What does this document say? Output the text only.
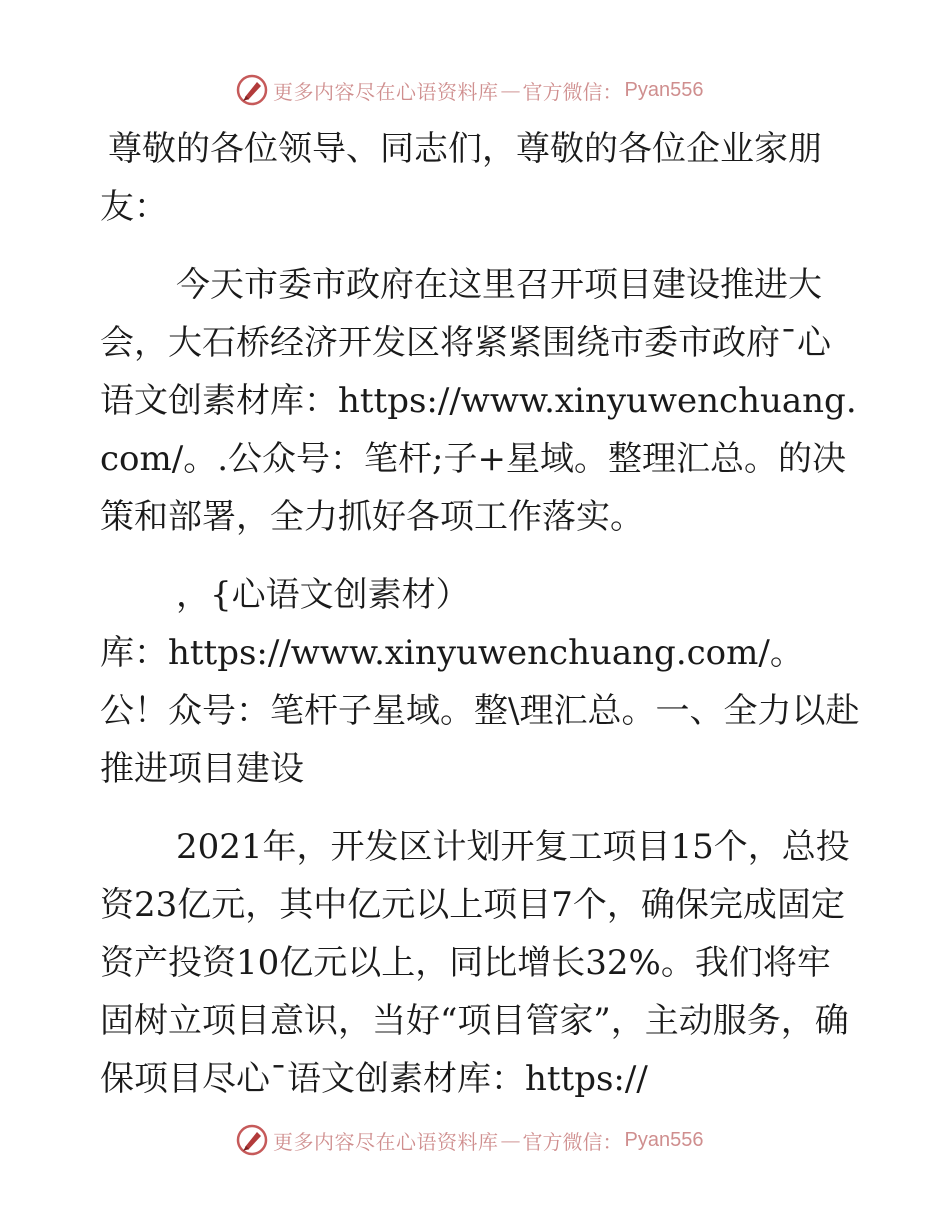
更多内容尽在心语资料库 — 官方微信： Pyan556

尊敬的各位领导、同志们，尊敬的各位企业家朋友：

今天市委市政府在这里召开项目建设推进大会，大石桥经济开发区将紧紧围绕市委市政府¯心语文创素材库：https://www.xinyuwenchuang.com/。.公众号：笔杆;子+星域。整理汇总。的决策和部署，全力抓好各项工作落实。

，{心语文创素材）

库：https://www.xinyuwenchuang.com/。公！众号：笔杆子星域。整\理汇总。一、全力以赴推进项目建设

2021年，开发区计划开复工项目15个，总投资23亿元，其中亿元以上项目7个，确保完成固定资产投资10亿元以上，同比增长32%。我们将牢固树立项目意识，当好“项目管家”，主动服务，确保项目尽心¯语文创素材库：https://

更多内容尽在心语资料库 — 官方微信： Pyan556
